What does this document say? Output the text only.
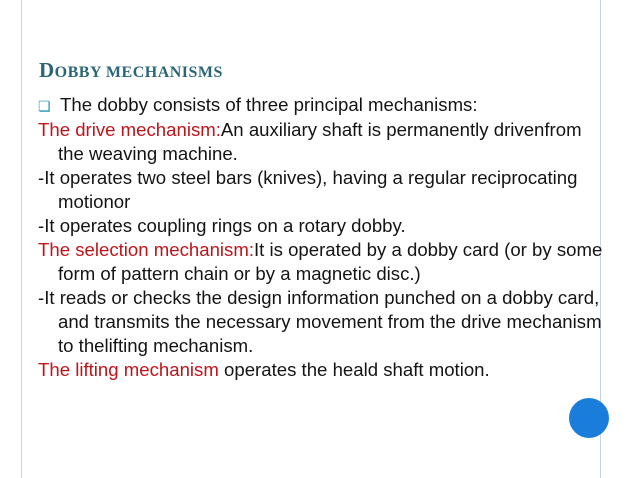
DOBBY MECHANISMS

❏ The dobby consists of three principal mechanisms:

The drive mechanism:An auxiliary shaft is permanently drivenfrom the weaving machine.

-It operates two steel bars (knives), having a regular reciprocating motionor

-It operates coupling rings on a rotary dobby.

The selection mechanism:It is operated by a dobby card (or by some form of pattern chain or by a magnetic disc.)

-It reads or checks the design information punched on a dobby card, and transmits the necessary movement from the drive mechanism to thelifting mechanism.

The lifting mechanism operates the heald shaft motion.
